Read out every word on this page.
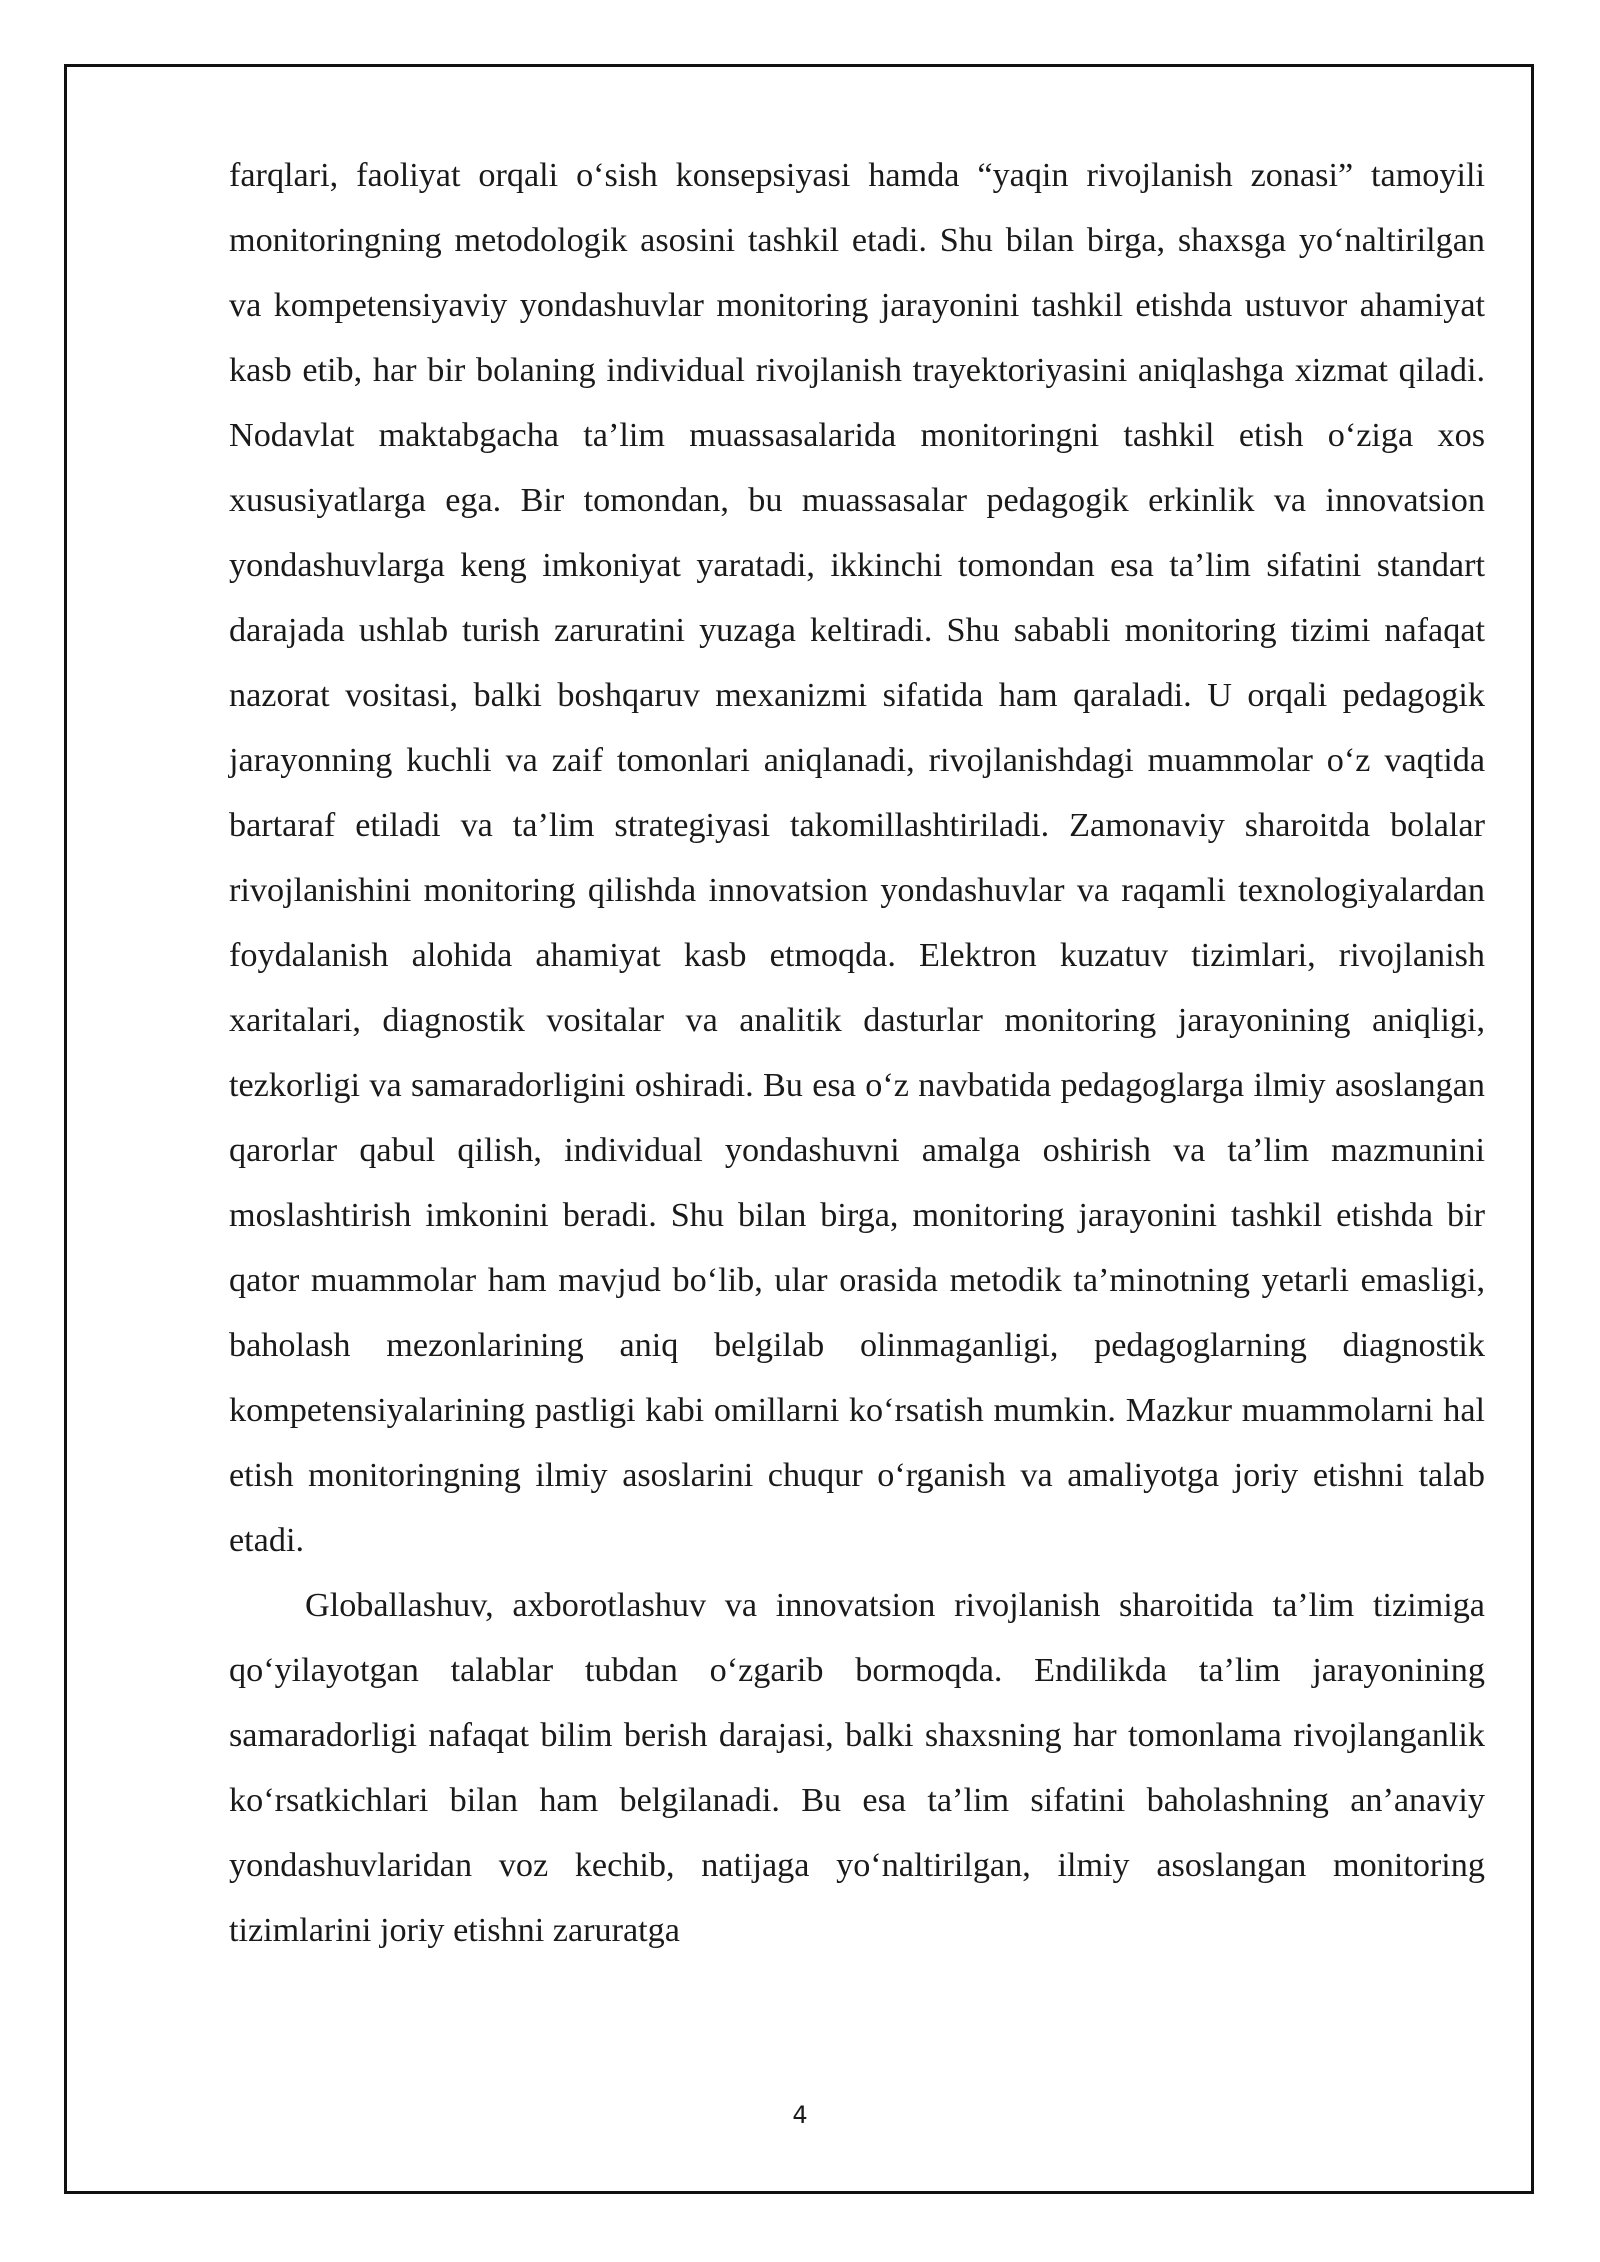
farqlari, faoliyat orqali o‘sish konsepsiyasi hamda “yaqin rivojlanish zonasi” tamoyili monitoringning metodologik asosini tashkil etadi. Shu bilan birga, shaxsga yo‘naltirilgan va kompetensiyaviy yondashuvlar monitoring jarayonini tashkil etishda ustuvor ahamiyat kasb etib, har bir bolaning individual rivojlanish trayektoriyasini aniqlashga xizmat qiladi. Nodavlat maktabgacha ta’lim muassasalarida monitoringni tashkil etish o‘ziga xos xususiyatlarga ega. Bir tomondan, bu muassasalar pedagogik erkinlik va innovatsion yondashuvlarga keng imkoniyat yaratadi, ikkinchi tomondan esa ta’lim sifatini standart darajada ushlab turish zaruratini yuzaga keltiradi. Shu sababli monitoring tizimi nafaqat nazorat vositasi, balki boshqaruv mexanizmi sifatida ham qaraladi. U orqali pedagogik jarayonning kuchli va zaif tomonlari aniqlanadi, rivojlanishdagi muammolar o‘z vaqtida bartaraf etiladi va ta’lim strategiyasi takomillashtiriladi. Zamonaviy sharoitda bolalar rivojlanishini monitoring qilishda innovatsion yondashuvlar va raqamli texnologiyalardan foydalanish alohida ahamiyat kasb etmoqda. Elektron kuzatuv tizimlari, rivojlanish xaritalari, diagnostik vositalar va analitik dasturlar monitoring jarayonining aniqligi, tezkorligi va samaradorligini oshiradi. Bu esa o‘z navbatida pedagoglarga ilmiy asoslangan qarorlar qabul qilish, individual yondashuvni amalga oshirish va ta’lim mazmunini moslashtirish imkonini beradi. Shu bilan birga, monitoring jarayonini tashkil etishda bir qator muammolar ham mavjud bo‘lib, ular orasida metodik ta’minotning yetarli emasligi, baholash mezonlarining aniq belgilab olinmaganligi, pedagoglarning diagnostik kompetensiyalarining pastligi kabi omillarni ko‘rsatish mumkin. Mazkur muammolarni hal etish monitoringning ilmiy asoslarini chuqur o‘rganish va amaliyotga joriy etishni talab etadi.

Globallashuv, axborotlashuv va innovatsion rivojlanish sharoitida ta’lim tizimiga qo‘yilayotgan talablar tubdan o‘zgarib bormoqda. Endilikda ta’lim jarayonining samaradorligi nafaqat bilim berish darajasi, balki shaxsning har tomonlama rivojlanganlik ko‘rsatkichlari bilan ham belgilanadi. Bu esa ta’lim sifatini baholashning an’anaviy yondashuvlaridan voz kechib, natijaga yo‘naltirilgan, ilmiy asoslangan monitoring tizimlarini joriy etishni zaruratga

4
